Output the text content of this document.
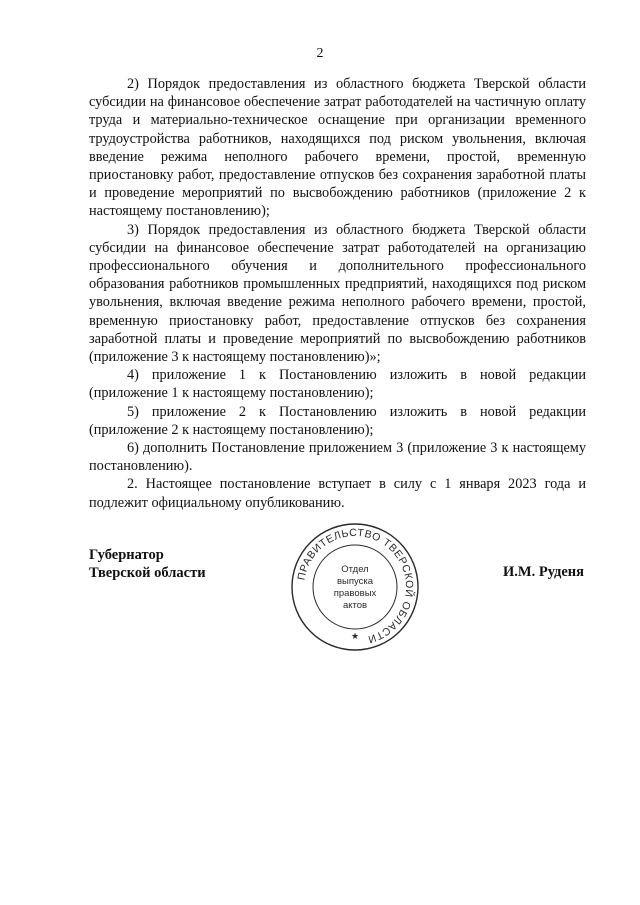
2

2) Порядок предоставления из областного бюджета Тверской области субсидии на финансовое обеспечение затрат работодателей на частичную оплату труда и материально-техническое оснащение при организации временного трудоустройства работников, находящихся под риском увольнения, включая введение режима неполного рабочего времени, простой, временную приостановку работ, предоставление отпусков без сохранения заработной платы и проведение мероприятий по высвобождению работников (приложение 2 к настоящему постановлению);

3) Порядок предоставления из областного бюджета Тверской области субсидии на финансовое обеспечение затрат работодателей на организацию профессионального обучения и дополнительного профессионального образования работников промышленных предприятий, находящихся под риском увольнения, включая введение режима неполного рабочего времени, простой, временную приостановку работ, предоставление отпусков без сохранения заработной платы и проведение мероприятий по высвобождению работников (приложение 3 к настоящему постановлению)»;

4) приложение 1 к Постановлению изложить в новой редакции (приложение 1 к настоящему постановлению);

5) приложение 2 к Постановлению изложить в новой редакции (приложение 2 к настоящему постановлению);

6) дополнить Постановление приложением 3 (приложение 3 к настоящему постановлению).

2. Настоящее постановление вступает в силу с 1 января 2023 года и подлежит официальному опубликованию.

Губернатор
Тверской области	ПРАВИТЕЛЬСТВО ТВЕРСКОЙ ОБЛАСТИ
Отдел
выпуска
правовых
актов
★
И.М. Руденя
